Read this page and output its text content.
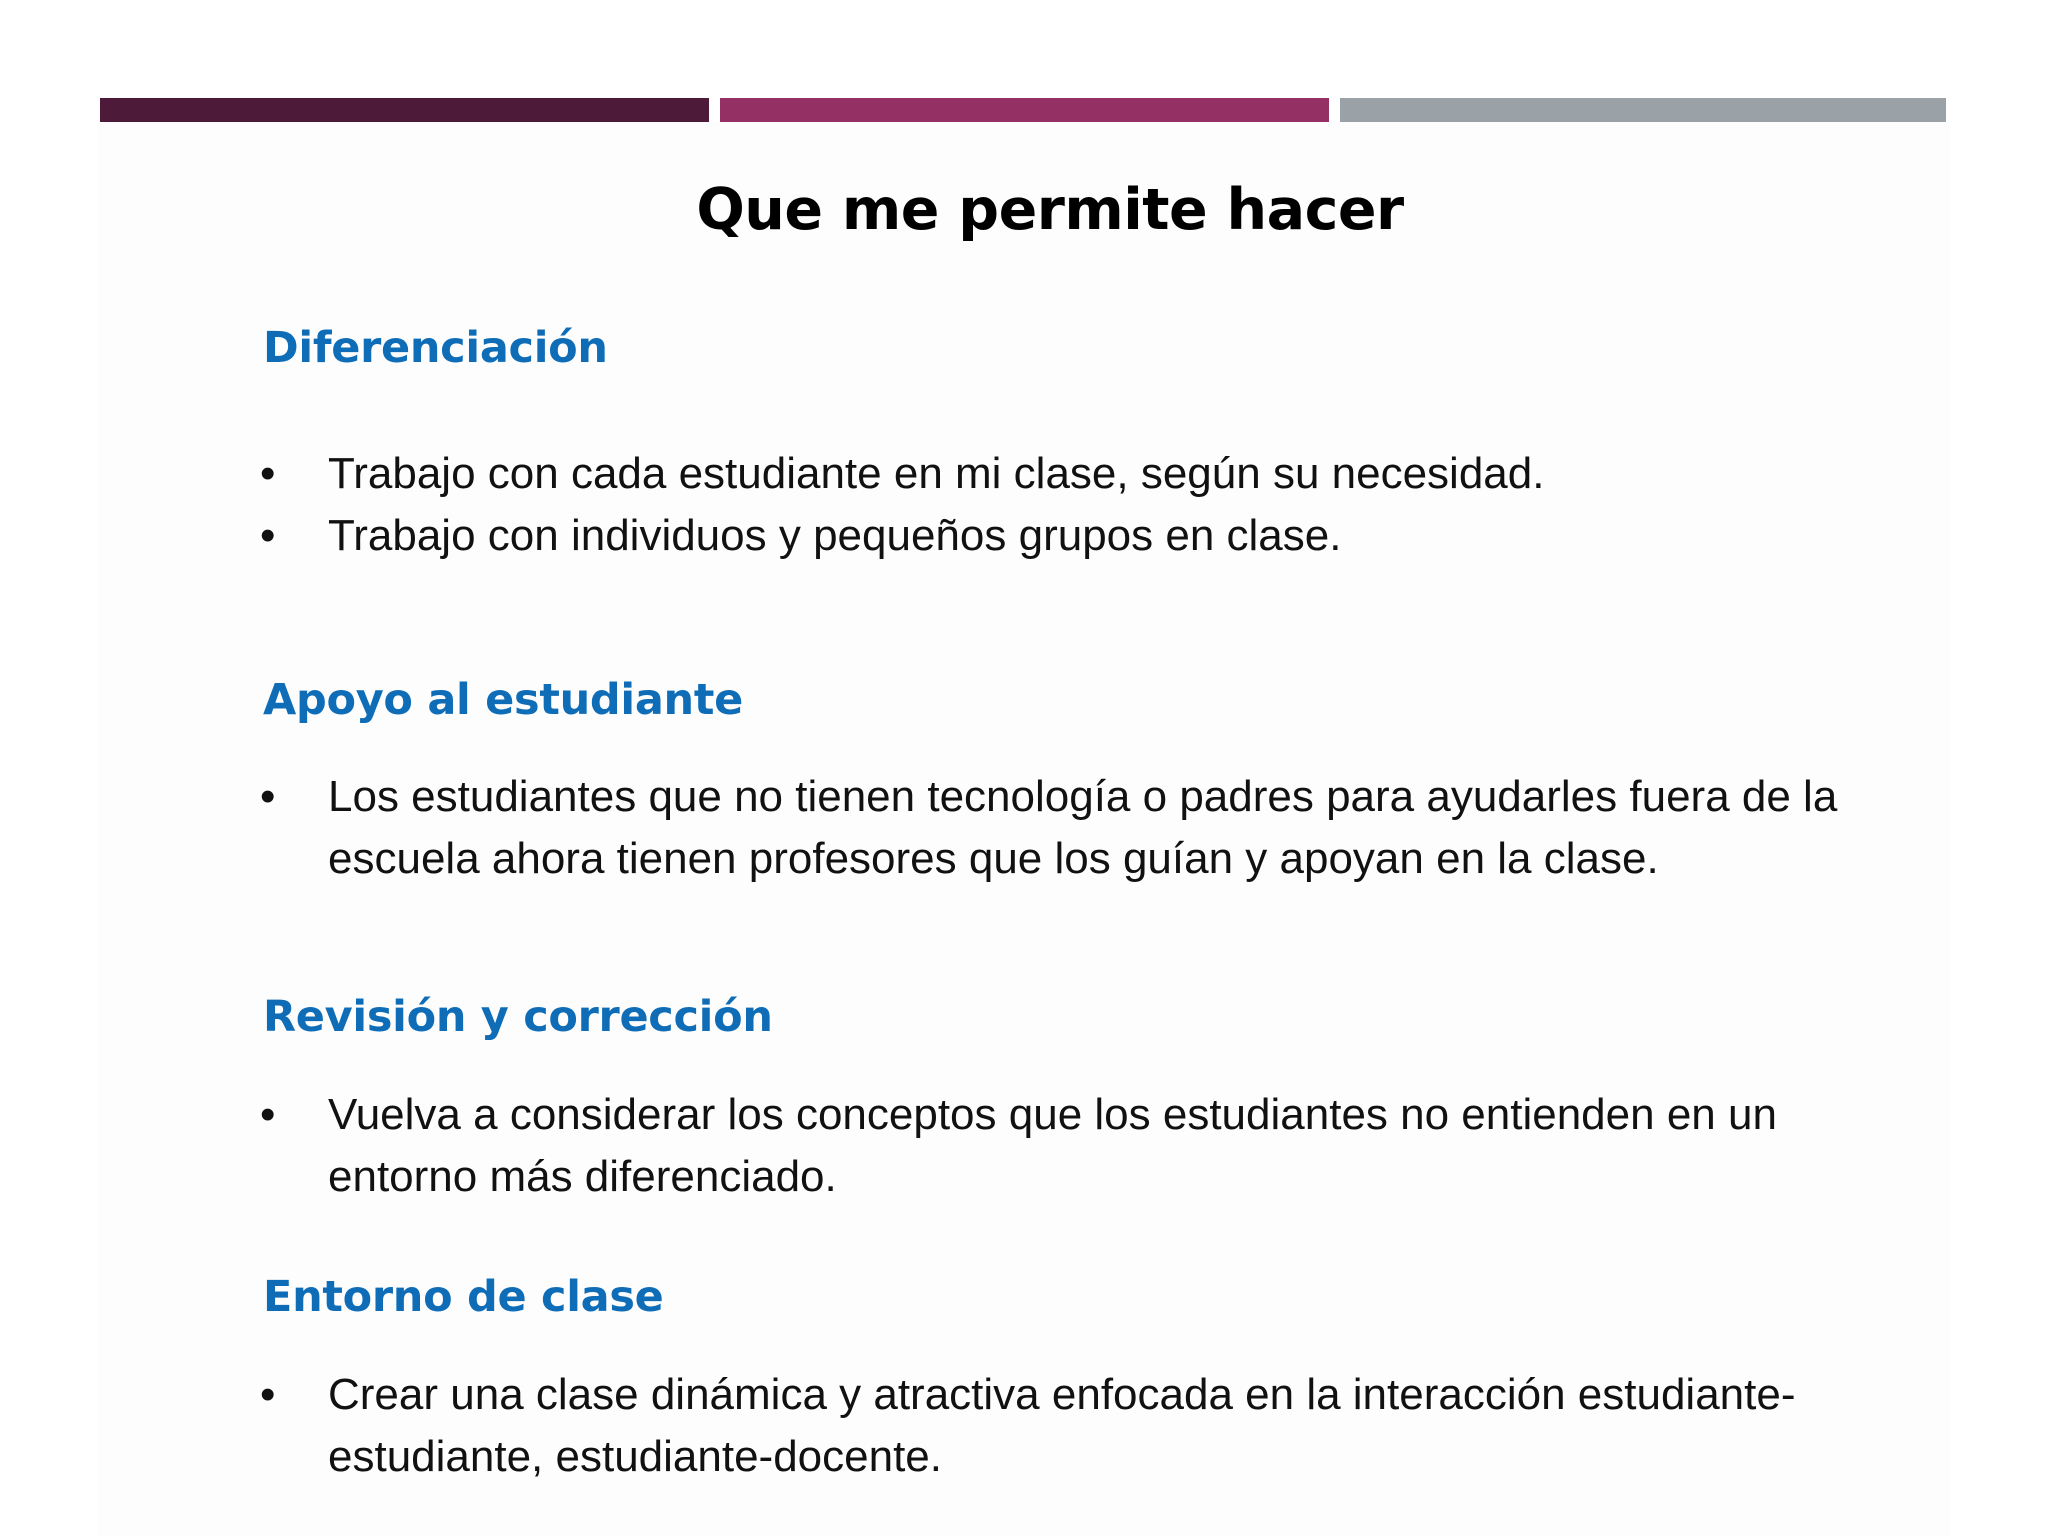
Que me permite hacer
Diferenciación
•	Trabajo con cada estudiante en mi clase, según su necesidad.
•	Trabajo con individuos y pequeños grupos en clase.
Apoyo al estudiante
•	Los estudiantes que no tienen tecnología o padres para ayudarles fuera de la escuela ahora tienen profesores que los guían y apoyan en la clase.
Revisión y corrección
•	Vuelva a considerar los conceptos que los estudiantes no entienden en un entorno más diferenciado.
Entorno de clase
•	Crear una clase dinámica y atractiva enfocada en la interacción estudiante-estudiante, estudiante-docente.
